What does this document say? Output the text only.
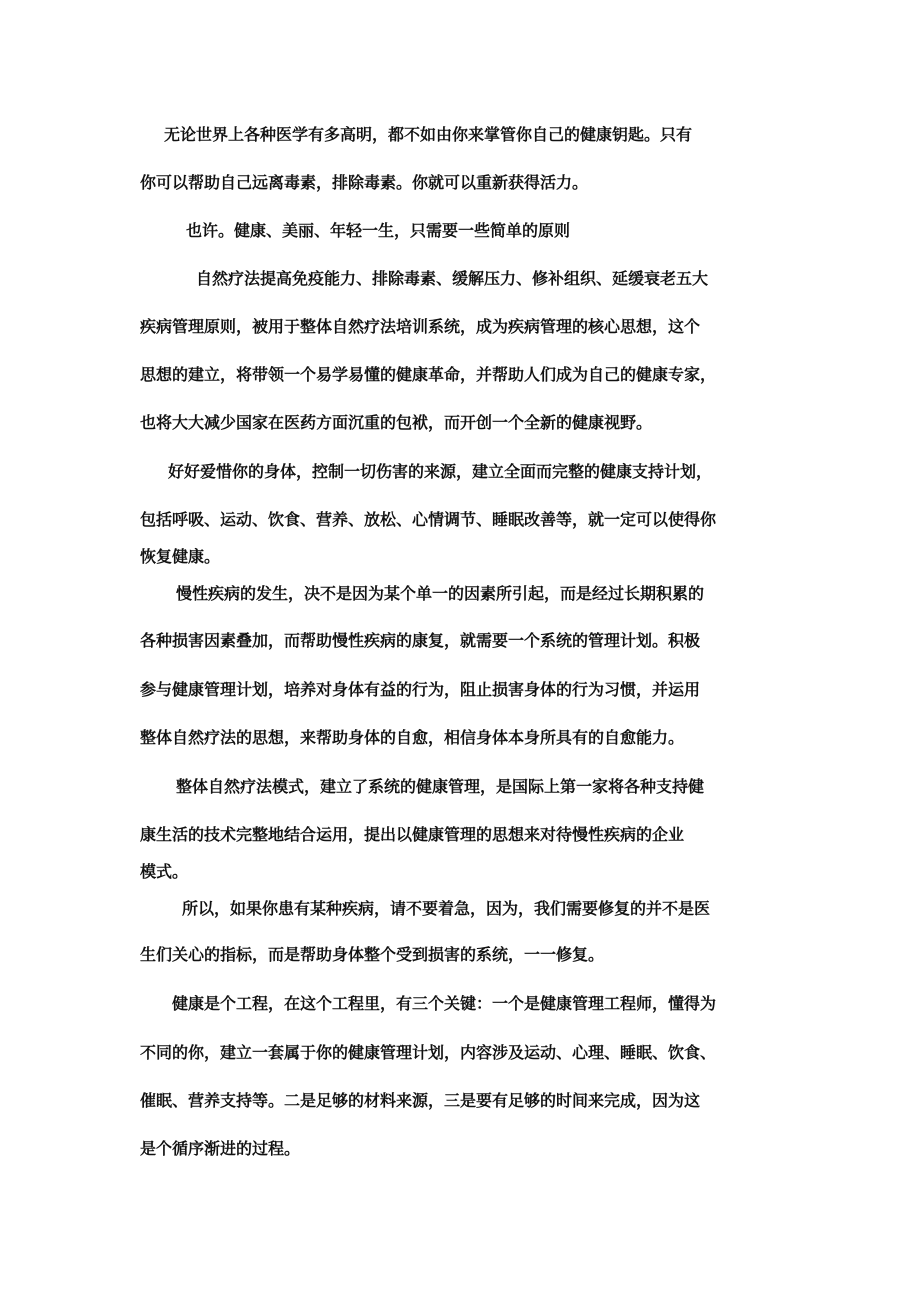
无论世界上各种医学有多高明，都不如由你来掌管你自己的健康钥匙。只有
你可以帮助自己远离毒素，排除毒素。你就可以重新获得活力。
也许。健康、美丽、年轻一生，只需要一些简单的原则
自然疗法提高免疫能力、排除毒素、缓解压力、修补组织、延缓衰老五大
疾病管理原则，被用于整体自然疗法培训系统，成为疾病管理的核心思想，这个
思想的建立，将带领一个易学易懂的健康革命，并帮助人们成为自己的健康专家，
也将大大减少国家在医药方面沉重的包袱，而开创一个全新的健康视野。
好好爱惜你的身体，控制一切伤害的来源，建立全面而完整的健康支持计划，
包括呼吸、运动、饮食、营养、放松、心情调节、睡眠改善等，就一定可以使得你
恢复健康。
慢性疾病的发生，决不是因为某个单一的因素所引起，而是经过长期积累的
各种损害因素叠加，而帮助慢性疾病的康复，就需要一个系统的管理计划。积极
参与健康管理计划，培养对身体有益的行为，阻止损害身体的行为习惯，并运用
整体自然疗法的思想，来帮助身体的自愈，相信身体本身所具有的自愈能力。
整体自然疗法模式，建立了系统的健康管理，是国际上第一家将各种支持健
康生活的技术完整地结合运用，提出以健康管理的思想来对待慢性疾病的企业
模式。
所以，如果你患有某种疾病，请不要着急，因为，我们需要修复的并不是医
生们关心的指标，而是帮助身体整个受到损害的系统，一一修复。
健康是个工程，在这个工程里，有三个关键：一个是健康管理工程师，懂得为
不同的你，建立一套属于你的健康管理计划，内容涉及运动、心理、睡眠、饮食、
催眠、营养支持等。二是足够的材料来源，三是要有足够的时间来完成，因为这
是个循序渐进的过程。
